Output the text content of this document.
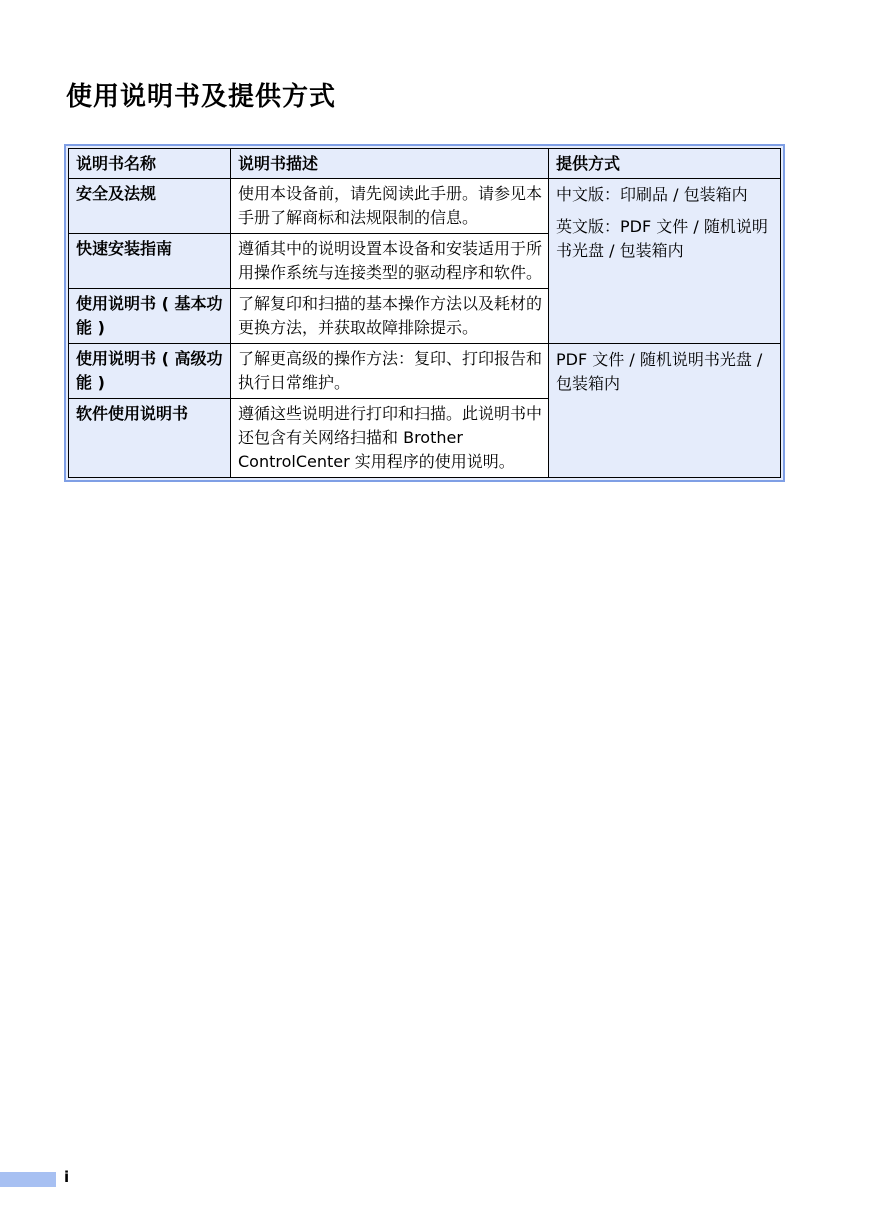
使用说明书及提供方式
说明书名称	说明书描述	提供方式
安全及法规	使用本设备前，请先阅读此手册。请参见本手册了解商标和法规限制的信息。	中文版：印刷品 / 包装箱内

英文版：PDF 文件 / 随机说明书光盘 / 包装箱内

快速安装指南	遵循其中的说明设置本设备和安装适用于所用操作系统与连接类型的驱动程序和软件。	
使用说明书 ( 基本功能 )	了解复印和扫描的基本操作方法以及耗材的更换方法，并获取故障排除提示。	
使用说明书 ( 高级功能 )	了解更高级的操作方法：复印、打印报告和执行日常维护。	PDF 文件 / 随机说明书光盘 / 包装箱内

软件使用说明书	遵循这些说明进行打印和扫描。此说明书中还包含有关网络扫描和 Brother ControlCenter 实用程序的使用说明。	
i
